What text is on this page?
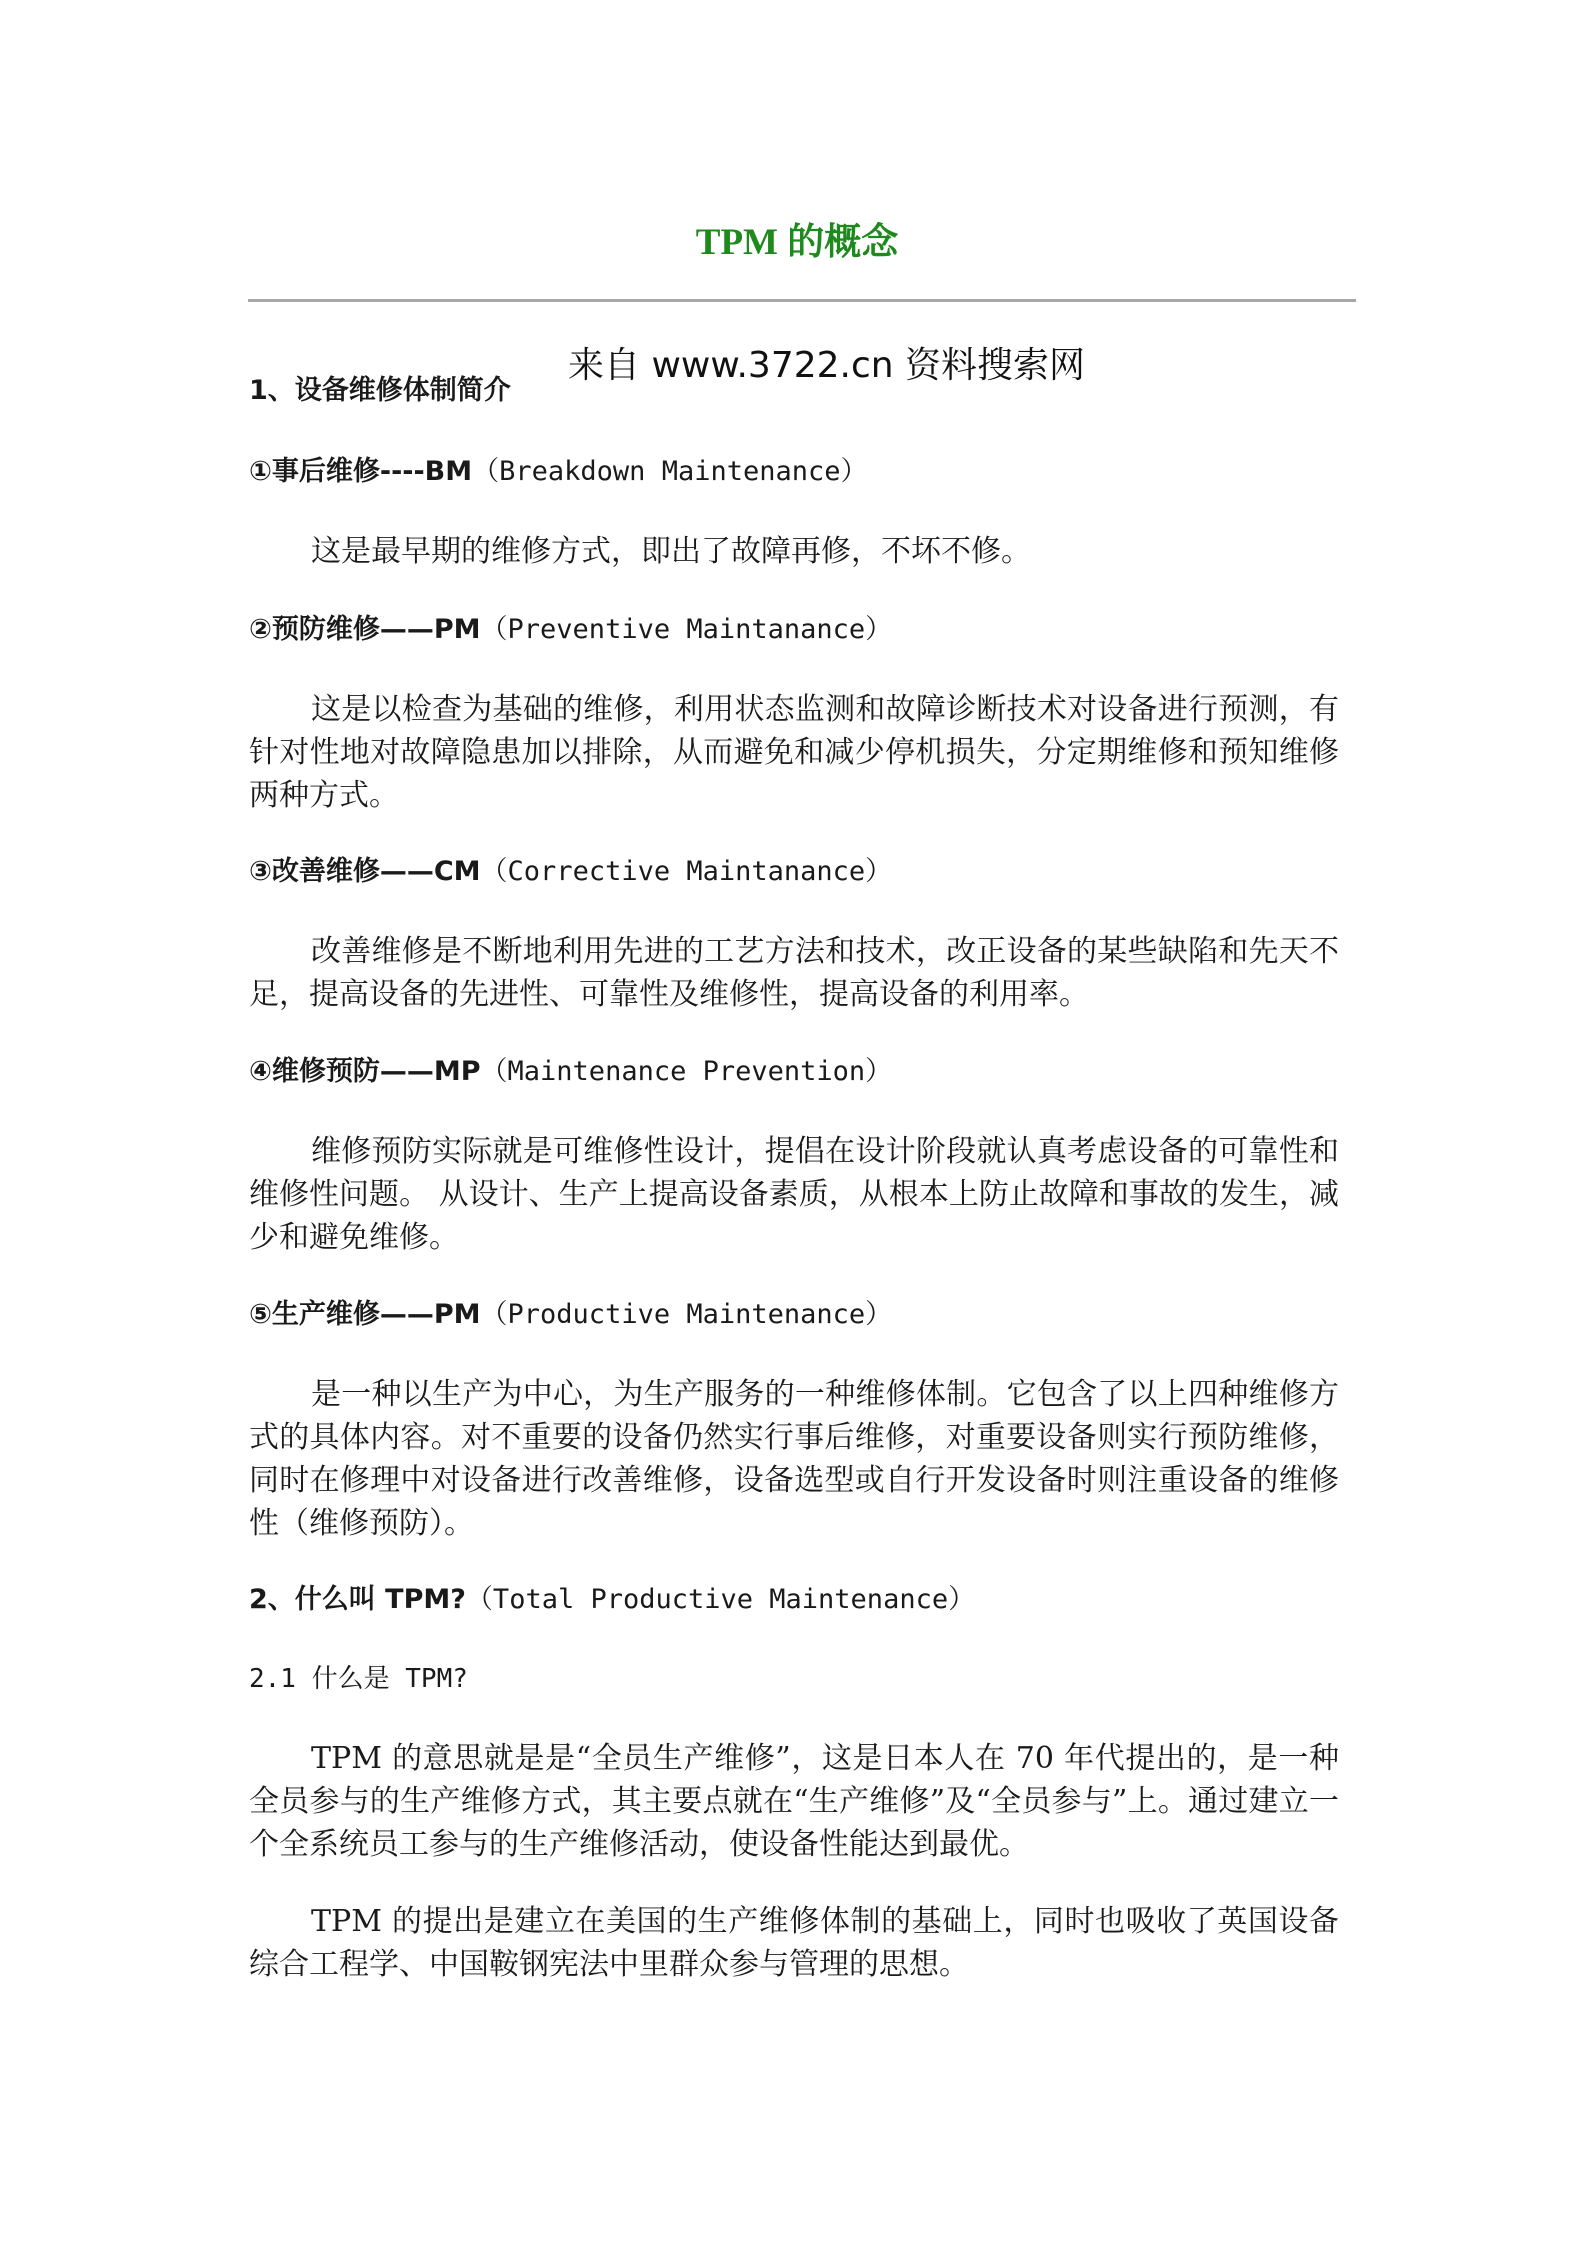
TPM 的概念
1、设备维修体制简介
来自 www.3722.cn 资料搜索网
①事后维修----BM（Breakdown Maintenance）

这是最早期的维修方式，即出了故障再修，不坏不修。

②预防维修——PM（Preventive Maintanance）

这是以检查为基础的维修，利用状态监测和故障诊断技术对设备进行预测，有针对性地对故障隐患加以排除，从而避免和减少停机损失，分定期维修和预知维修两种方式。

③改善维修——CM（Corrective Maintanance）

改善维修是不断地利用先进的工艺方法和技术，改正设备的某些缺陷和先天不足，提高设备的先进性、可靠性及维修性，提高设备的利用率。

④维修预防——MP（Maintenance Prevention）

维修预防实际就是可维修性设计，提倡在设计阶段就认真考虑设备的可靠性和维修性问题。 从设计、生产上提高设备素质，从根本上防止故障和事故的发生，减少和避免维修。

⑤生产维修——PM（Productive Maintenance）

是一种以生产为中心，为生产服务的一种维修体制。它包含了以上四种维修方式的具体内容。对不重要的设备仍然实行事后维修，对重要设备则实行预防维修，同时在修理中对设备进行改善维修，设备选型或自行开发设备时则注重设备的维修性（维修预防）。

2、什么叫 TPM?（Total Productive Maintenance）
2.1 什么是 TPM?

TPM 的意思就是是“全员生产维修”，这是日本人在 70 年代提出的，是一种全员参与的生产维修方式，其主要点就在“生产维修”及“全员参与”上。通过建立一个全系统员工参与的生产维修活动，使设备性能达到最优。

TPM 的提出是建立在美国的生产维修体制的基础上，同时也吸收了英国设备综合工程学、中国鞍钢宪法中里群众参与管理的思想。
